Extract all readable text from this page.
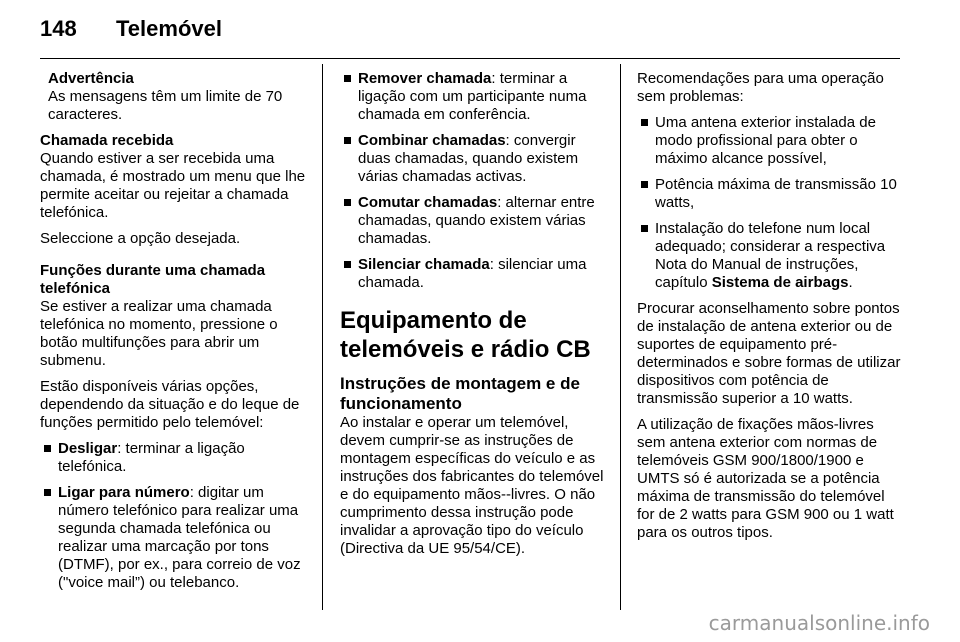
148 Telemóvel
Advertência
As mensagens têm um limite de 70 caracteres.

Chamada recebida
Quando estiver a ser recebida uma chamada, é mostrado um menu que lhe permite aceitar ou rejeitar a chamada telefónica.

Seleccione a opção desejada.

Funções durante uma chamada telefónica
Se estiver a realizar uma chamada telefónica no momento, pressione o botão multifunções para abrir um submenu.

Estão disponíveis várias opções, dependendo da situação e do leque de funções permitido pelo telemóvel:

Desligar: terminar a ligação telefónica.
Ligar para número: digitar um número telefónico para realizar uma segunda chamada telefónica ou realizar uma marcação por tons (DTMF), por ex., para correio de voz ("voice mail”) ou telebanco.
Remover chamada: terminar a ligação com um participante numa chamada em conferência.
Combinar chamadas: convergir duas chamadas, quando existem várias chamadas activas.
Comutar chamadas: alternar entre chamadas, quando existem várias chamadas.
Silenciar chamada: silenciar uma chamada.
Equipamento de telemóveis e rádio CB
Instruções de montagem e de funcionamento

Ao instalar e operar um telemóvel, devem cumprir-se as instruções de montagem específicas do veículo e as instruções dos fabricantes do telemóvel e do equipamento mãos--livres. O não cumprimento dessa instrução pode invalidar a aprovação tipo do veículo (Directiva da UE 95/54/CE).

Recomendações para uma operação sem problemas:

Uma antena exterior instalada de modo profissional para obter o máximo alcance possível,
Potência máxima de transmissão 10 watts,
Instalação do telefone num local adequado; considerar a respectiva Nota do Manual de instruções, capítulo Sistema de airbags.

Procurar aconselhamento sobre pontos de instalação de antena exterior ou de suportes de equipamento pré-determinados e sobre formas de utilizar dispositivos com potência de transmissão superior a 10 watts.

A utilização de fixações mãos-livres sem antena exterior com normas de telemóveis GSM 900/1800/1900 e UMTS só é autorizada se a potência máxima de transmissão do telemóvel for de 2 watts para GSM 900 ou 1 watt para os outros tipos.

carmanualsonline.info
